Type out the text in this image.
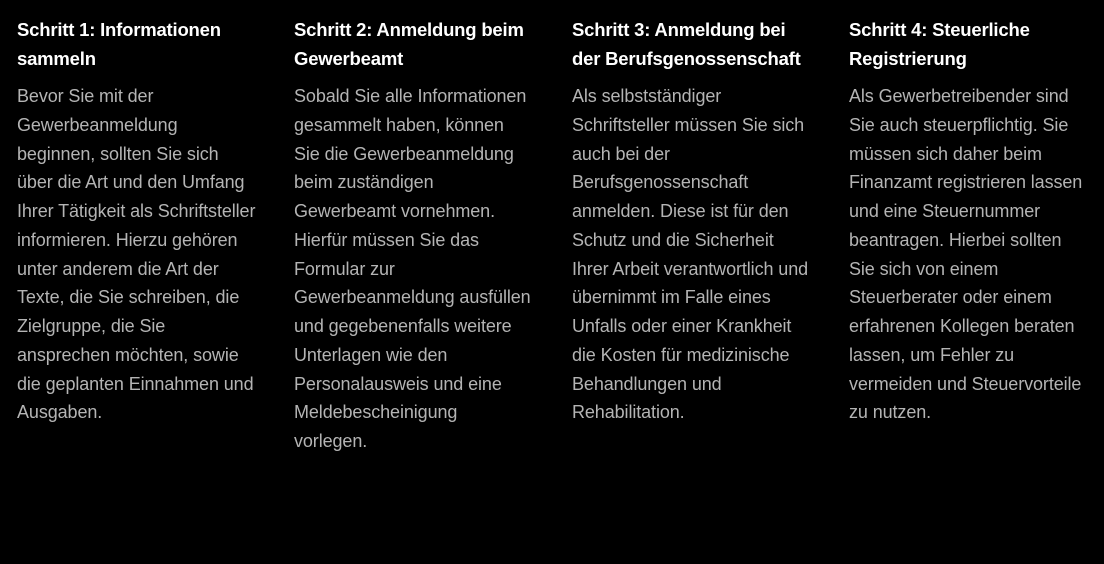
Schritt 1: Informationen sammeln

Bevor Sie mit der Gewerbeanmeldung beginnen, sollten Sie sich über die Art und den Umfang Ihrer Tätigkeit als Schriftsteller informieren. Hierzu gehören unter anderem die Art der Texte, die Sie schreiben, die Zielgruppe, die Sie ansprechen möchten, sowie die geplanten Einnahmen und Ausgaben.

Schritt 2: Anmeldung beim Gewerbeamt

Sobald Sie alle Informationen gesammelt haben, können Sie die Gewerbeanmeldung beim zuständigen Gewerbeamt vornehmen. Hierfür müssen Sie das Formular zur Gewerbeanmeldung ausfüllen und gegebenenfalls weitere Unterlagen wie den Personalausweis und eine Meldebescheinigung vorlegen.

Schritt 3: Anmeldung bei der Berufsgenossenschaft

Als selbstständiger Schriftsteller müssen Sie sich auch bei der Berufsgenossenschaft anmelden. Diese ist für den Schutz und die Sicherheit Ihrer Arbeit verantwortlich und übernimmt im Falle eines Unfalls oder einer Krankheit die Kosten für medizinische Behandlungen und Rehabilitation.

Schritt 4: Steuerliche Registrierung

Als Gewerbetreibender sind Sie auch steuerpflichtig. Sie müssen sich daher beim Finanzamt registrieren lassen und eine Steuernummer beantragen. Hierbei sollten Sie sich von einem Steuerberater oder einem erfahrenen Kollegen beraten lassen, um Fehler zu vermeiden und Steuervorteile zu nutzen.
